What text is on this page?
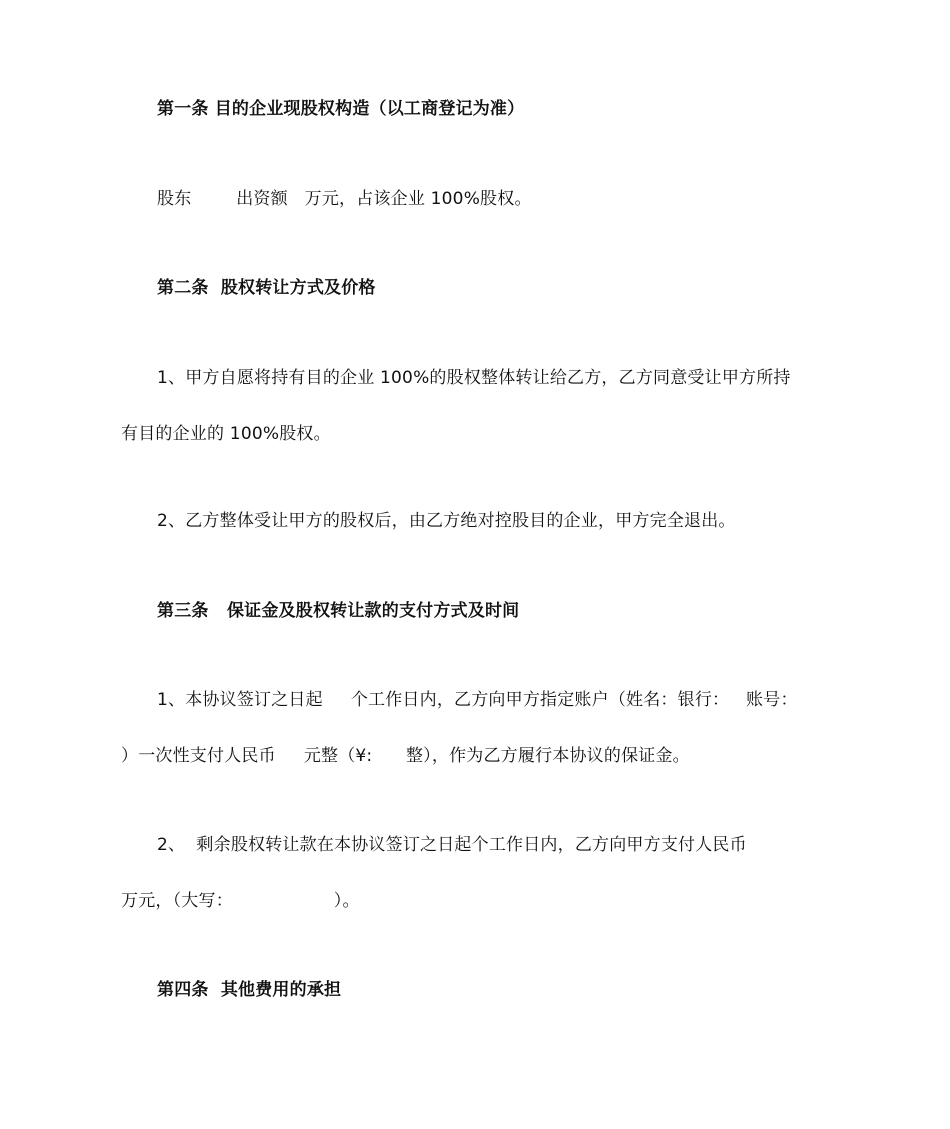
第一条 目的企业现股权构造（以工商登记为准）
股东        出资额   万元，占该企业 100%股权。
第二条  股权转让方式及价格
1、甲方自愿将持有目的企业 100%的股权整体转让给乙方，乙方同意受让甲方所持
有目的企业的 100%股权。
2、乙方整体受让甲方的股权后，由乙方绝对控股目的企业，甲方完全退出。
第三条   保证金及股权转让款的支付方式及时间
1、本协议签订之日起     个工作日内，乙方向甲方指定账户（姓名：银行：   账号：
）一次性支付人民币     元整（¥:      整），作为乙方履行本协议的保证金。
2、  剩余股权转让款在本协议签订之日起个工作日内，乙方向甲方支付人民币
万元，（大写：                  ）。
第四条  其他费用的承担
